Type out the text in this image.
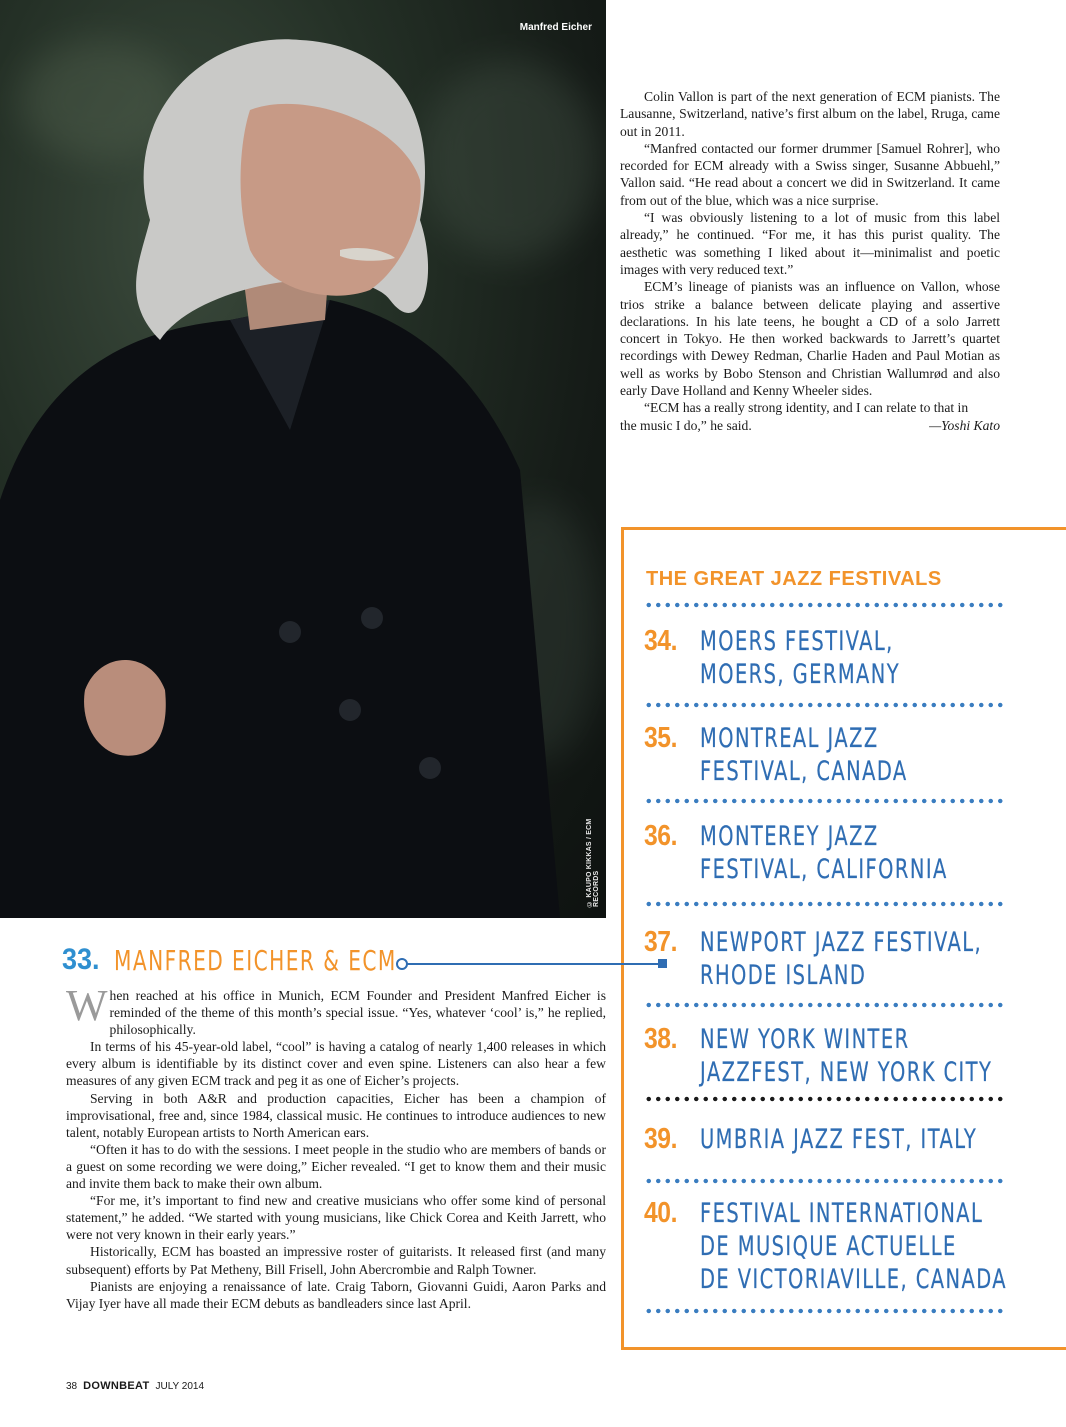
Manfred Eicher
© KAUPO KIKKAS / ECM RECORDS

Colin Vallon is part of the next generation of ECM pianists. The Lausanne, Switzerland, native’s first album on the label, Rruga, came out in 2011.

“Manfred contacted our former drummer [Samuel Rohrer], who recorded for ECM already with a Swiss singer, Susanne Abbuehl,” Vallon said. “He read about a concert we did in Switzerland. It came from out of the blue, which was a nice surprise.

“I was obviously listening to a lot of music from this label already,” he continued. “For me, it has this purist quality. The aesthetic was something I liked about it—minimalist and poetic images with very reduced text.”

ECM’s lineage of pianists was an influence on Vallon, whose trios strike a balance between delicate playing and assertive declarations. In his late teens, he bought a CD of a solo Jarrett concert in Tokyo. He then worked backwards to Jarrett’s quartet recordings with Dewey Redman, Charlie Haden and Paul Motian as well as works by Bobo Stenson and Christian Wallumrød and also early Dave Holland and Kenny Wheeler sides.

“ECM has a really strong identity, and I can relate to that in

the music I do,” he said.	—Yoshi Kato
THE GREAT JAZZ FESTIVALS
34. MOERS FESTIVAL,
MOERS, GERMANY
35. MONTREAL JAZZ
FESTIVAL, CANADA
36. MONTEREY JAZZ
FESTIVAL, CALIFORNIA
37. NEWPORT JAZZ FESTIVAL,
RHODE ISLAND
38. NEW YORK WINTER
JAZZFEST, NEW YORK CITY
39. UMBRIA JAZZ FEST, ITALY
40. FESTIVAL INTERNATIONAL
DE MUSIQUE ACTUELLE
DE VICTORIAVILLE, CANADA
33. MANFRED EICHER & ECM

When reached at his office in Munich, ECM Founder and President Manfred Eicher is reminded of the theme of this month’s special issue. “Yes, whatever ‘cool’ is,” he replied, philosophically.

In terms of his 45-year-old label, “cool” is having a catalog of nearly 1,400 releases in which every album is identifiable by its distinct cover and even spine. Listeners can also hear a few measures of any given ECM track and peg it as one of Eicher’s projects.

Serving in both A&R and production capacities, Eicher has been a champion of improvisational, free and, since 1984, classical music. He continues to introduce audiences to new talent, notably European artists to North American ears.

“Often it has to do with the sessions. I meet people in the studio who are members of bands or a guest on some recording we were doing,” Eicher revealed. “I get to know them and their music and invite them back to make their own album.

“For me, it’s important to find new and creative musicians who offer some kind of personal statement,” he added. “We started with young musicians, like Chick Corea and Keith Jarrett, who were not very known in their early years.”

Historically, ECM has boasted an impressive roster of guitarists. It released first (and many subsequent) efforts by Pat Metheny, Bill Frisell, John Abercrombie and Ralph Towner.

Pianists are enjoying a renaissance of late. Craig Taborn, Giovanni Guidi, Aaron Parks and Vijay Iyer have all made their ECM debuts as bandleaders since last April.

38 DOWNBEAT JULY 2014
